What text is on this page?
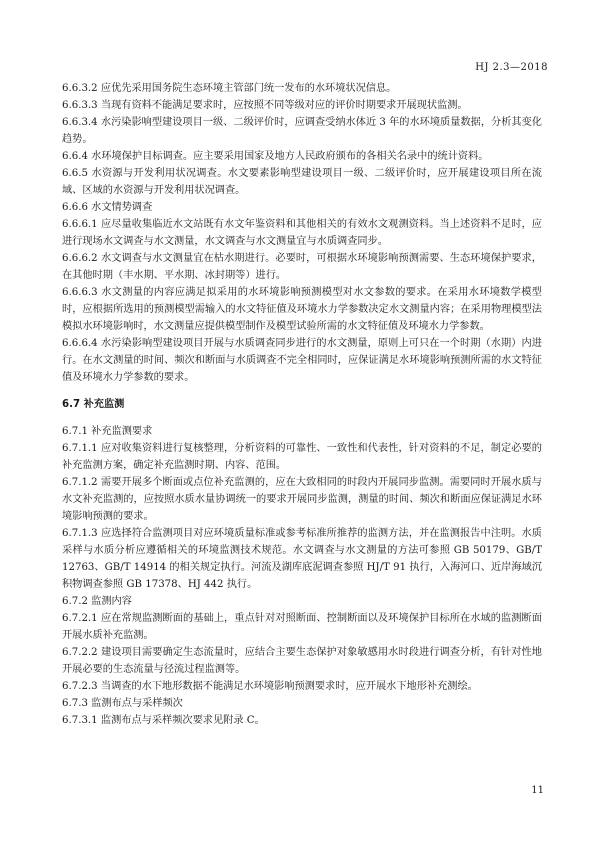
HJ 2.3—2018

6.6.3.2 应优先采用国务院生态环境主管部门统一发布的水环境状况信息。

6.6.3.3 当现有资料不能满足要求时，应按照不同等级对应的评价时期要求开展现状监测。

6.6.3.4 水污染影响型建设项目一级、二级评价时，应调查受纳水体近 3 年的水环境质量数据，分析其变化趋势。

6.6.4 水环境保护目标调查。应主要采用国家及地方人民政府颁布的各相关名录中的统计资料。

6.6.5 水资源与开发利用状况调查。水文要素影响型建设项目一级、二级评价时，应开展建设项目所在流域、区域的水资源与开发利用状况调查。

6.6.6 水文情势调查

6.6.6.1 应尽量收集临近水文站既有水文年鉴资料和其他相关的有效水文观测资料。当上述资料不足时，应进行现场水文调查与水文测量，水文调查与水文测量宜与水质调查同步。

6.6.6.2 水文调查与水文测量宜在枯水期进行。必要时，可根据水环境影响预测需要、生态环境保护要求，在其他时期（丰水期、平水期、冰封期等）进行。

6.6.6.3 水文测量的内容应满足拟采用的水环境影响预测模型对水文参数的要求。在采用水环境数学模型时，应根据所选用的预测模型需输入的水文特征值及环境水力学参数决定水文测量内容；在采用物理模型法模拟水环境影响时，水文测量应提供模型制作及模型试验所需的水文特征值及环境水力学参数。

6.6.6.4 水污染影响型建设项目开展与水质调查同步进行的水文测量，原则上可只在一个时期（水期）内进行。在水文测量的时间、频次和断面与水质调查不完全相同时，应保证满足水环境影响预测所需的水文特征值及环境水力学参数的要求。

6.7 补充监测

6.7.1 补充监测要求

6.7.1.1 应对收集资料进行复核整理，分析资料的可靠性、一致性和代表性，针对资料的不足，制定必要的补充监测方案，确定补充监测时期、内容、范围。

6.7.1.2 需要开展多个断面或点位补充监测的，应在大致相同的时段内开展同步监测。需要同时开展水质与水文补充监测的，应按照水质水量协调统一的要求开展同步监测，测量的时间、频次和断面应保证满足水环境影响预测的要求。

6.7.1.3 应选择符合监测项目对应环境质量标准或参考标准所推荐的监测方法，并在监测报告中注明。水质采样与水质分析应遵循相关的环境监测技术规范。水文调查与水文测量的方法可参照 GB 50179、GB/T 12763、GB/T 14914 的相关规定执行。河流及湖库底泥调查参照 HJ/T 91 执行，入海河口、近岸海域沉积物调查参照 GB 17378、HJ 442 执行。

6.7.2 监测内容

6.7.2.1 应在常规监测断面的基础上，重点针对对照断面、控制断面以及环境保护目标所在水域的监测断面开展水质补充监测。

6.7.2.2 建设项目需要确定生态流量时，应结合主要生态保护对象敏感用水时段进行调查分析，有针对性地开展必要的生态流量与径流过程监测等。

6.7.2.3 当调查的水下地形数据不能满足水环境影响预测要求时，应开展水下地形补充测绘。

6.7.3 监测布点与采样频次

6.7.3.1 监测布点与采样频次要求见附录 C。

11
